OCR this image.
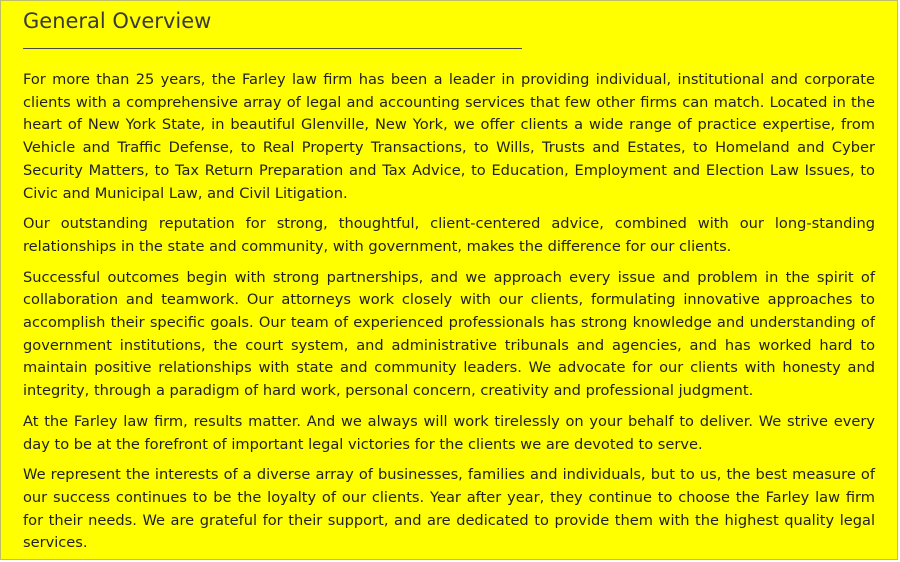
General Overview

For more than 25 years, the Farley law firm has been a leader in providing individual, institutional and corporate clients with a comprehensive array of legal and accounting services that few other firms can match. Located in the heart of New York State, in beautiful Glenville, New York, we offer clients a wide range of practice expertise, from Vehicle and Traffic Defense, to Real Property Transactions, to Wills, Trusts and Estates, to Homeland and Cyber Security Matters, to Tax Return Preparation and Tax Advice, to Education, Employment and Election Law Issues, to Civic and Municipal Law, and Civil Litigation.

Our outstanding reputation for strong, thoughtful, client-centered advice, combined with our long-standing relationships in the state and community, with government, makes the difference for our clients.

Successful outcomes begin with strong partnerships, and we approach every issue and problem in the spirit of collaboration and teamwork. Our attorneys work closely with our clients, formulating innovative approaches to accomplish their specific goals. Our team of experienced professionals has strong knowledge and understanding of government institutions, the court system, and administrative tribunals and agencies, and has worked hard to maintain positive relationships with state and community leaders. We advocate for our clients with honesty and integrity, through a paradigm of hard work, personal concern, creativity and professional judgment.

At the Farley law firm, results matter. And we always will work tirelessly on your behalf to deliver. We strive every day to be at the forefront of important legal victories for the clients we are devoted to serve.

We represent the interests of a diverse array of businesses, families and individuals, but to us, the best measure of our success continues to be the loyalty of our clients. Year after year, they continue to choose the Farley law firm for their needs. We are grateful for their support, and are dedicated to provide them with the highest quality legal services.
